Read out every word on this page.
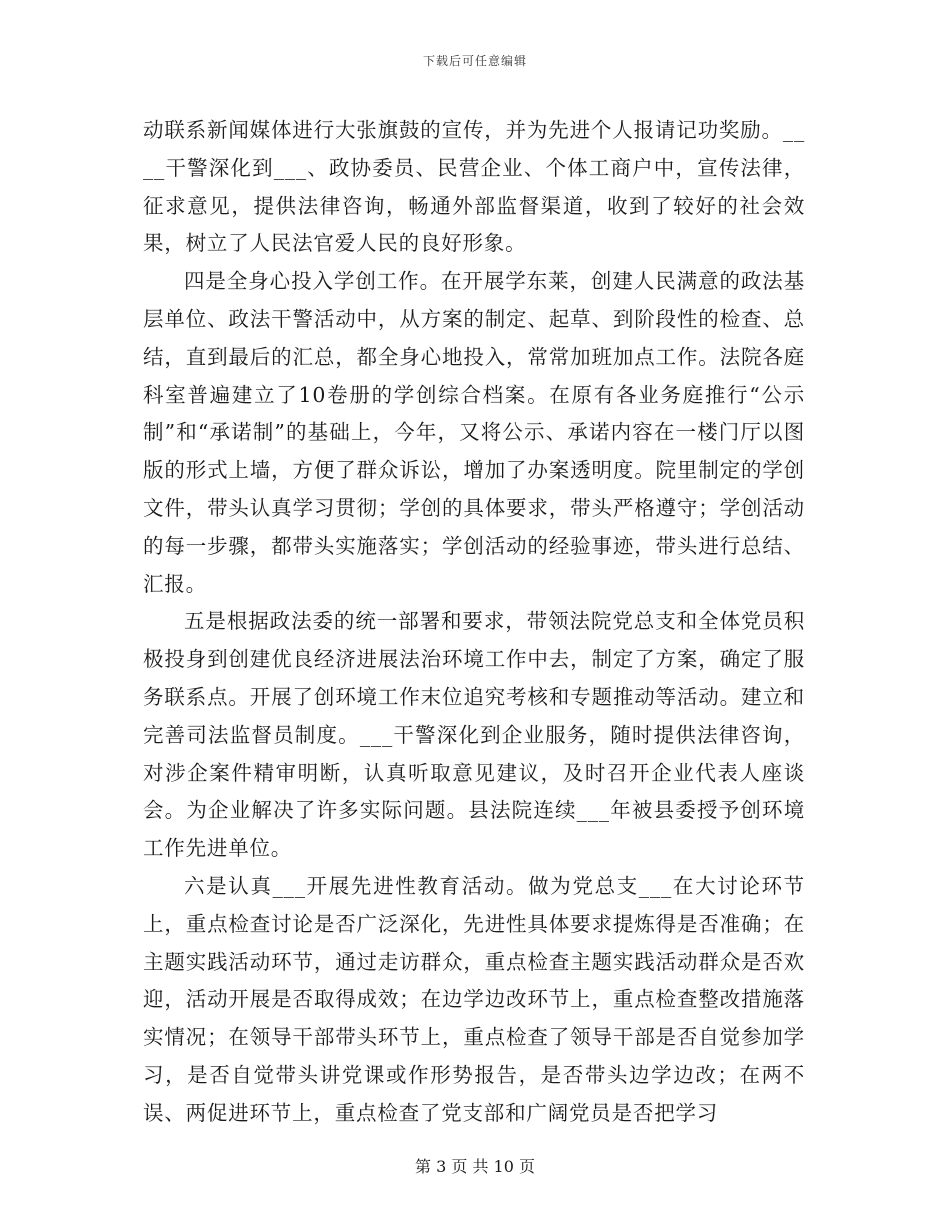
下载后可任意编辑

动联系新闻媒体进行大张旗鼓的宣传，并为先进个人报请记功奖励。__ __干警深化到___、政协委员、民营企业、个体工商户中，宣传法律，征求意见，提供法律咨询，畅通外部监督渠道，收到了较好的社会效果，树立了人民法官爱人民的良好形象。

四是全身心投入学创工作。在开展学东莱，创建人民满意的政法基层单位、政法干警活动中，从方案的制定、起草、到阶段性的检查、总结，直到最后的汇总，都全身心地投入，常常加班加点工作。法院各庭科室普遍建立了10卷册的学创综合档案。在原有各业务庭推行“公示制”和“承诺制”的基础上，今年，又将公示、承诺内容在一楼门厅以图版的形式上墙，方便了群众诉讼，增加了办案透明度。院里制定的学创文件，带头认真学习贯彻；学创的具体要求，带头严格遵守；学创活动的每一步骤，都带头实施落实；学创活动的经验事迹，带头进行总结、汇报。

五是根据政法委的统一部署和要求，带领法院党总支和全体党员积极投身到创建优良经济进展法治环境工作中去，制定了方案，确定了服务联系点。开展了创环境工作末位追究考核和专题推动等活动。建立和完善司法监督员制度。___干警深化到企业服务，随时提供法律咨询，对涉企案件精审明断，认真听取意见建议，及时召开企业代表人座谈会。为企业解决了许多实际问题。县法院连续___年被县委授予创环境工作先进单位。

六是认真___开展先进性教育活动。做为党总支___在大讨论环节上，重点检查讨论是否广泛深化，先进性具体要求提炼得是否准确；在主题实践活动环节，通过走访群众，重点检查主题实践活动群众是否欢迎，活动开展是否取得成效；在边学边改环节上，重点检查整改措施落实情况；在领导干部带头环节上，重点检查了领导干部是否自觉参加学习，是否自觉带头讲党课或作形势报告，是否带头边学边改；在两不误、两促进环节上，重点检查了党支部和广阔党员是否把学习

第 3 页 共 10 页
